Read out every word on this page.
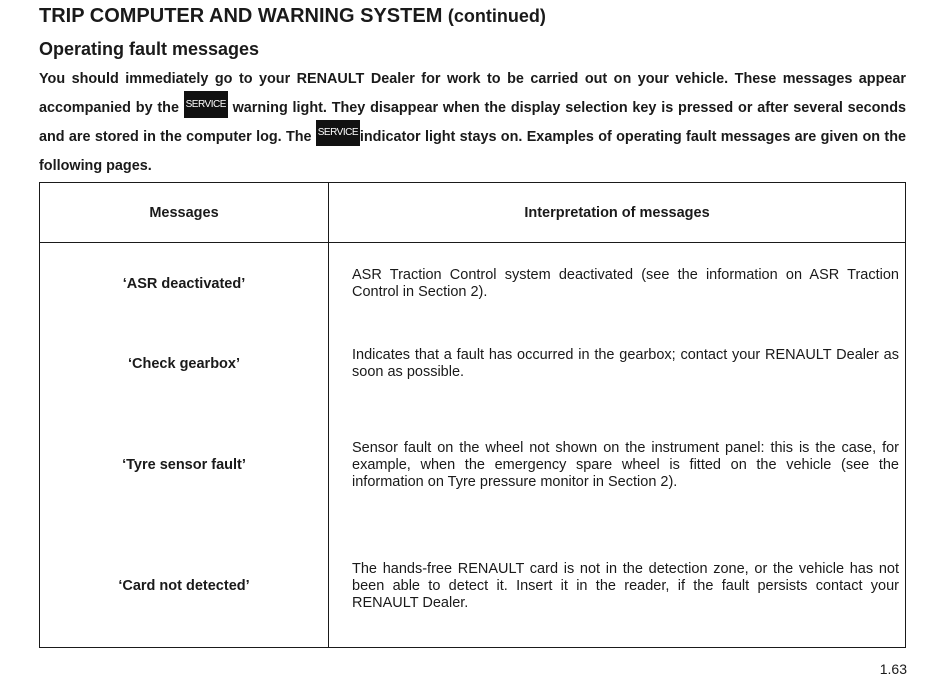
TRIP COMPUTER AND WARNING SYSTEM (continued)
Operating fault messages
You should immediately go to your RENAULT Dealer for work to be carried out on your vehicle. These messages appear accompanied by the SERVICE warning light. They disappear when the display selection key is pressed or after several seconds and are stored in the computer log. The SERVICE indicator light stays on. Examples of operating fault messages are given on the following pages.
Messages	Interpretation of messages
‘ASR deactivated’	ASR Traction Control system deactivated (see the information on ASR Traction Control in Section 2).
‘Check gearbox’	Indicates that a fault has occurred in the gearbox; contact your RENAULT Dealer as soon as possible.
‘Tyre sensor fault’	Sensor fault on the wheel not shown on the instrument panel: this is the case, for example, when the emergency spare wheel is fitted on the vehicle (see the information on Tyre pressure monitor in Section 2).
‘Card not detected’	The hands-free RENAULT card is not in the detection zone, or the vehicle has not been able to detect it. Insert it in the reader, if the fault persists contact your RENAULT Dealer.
1.63
